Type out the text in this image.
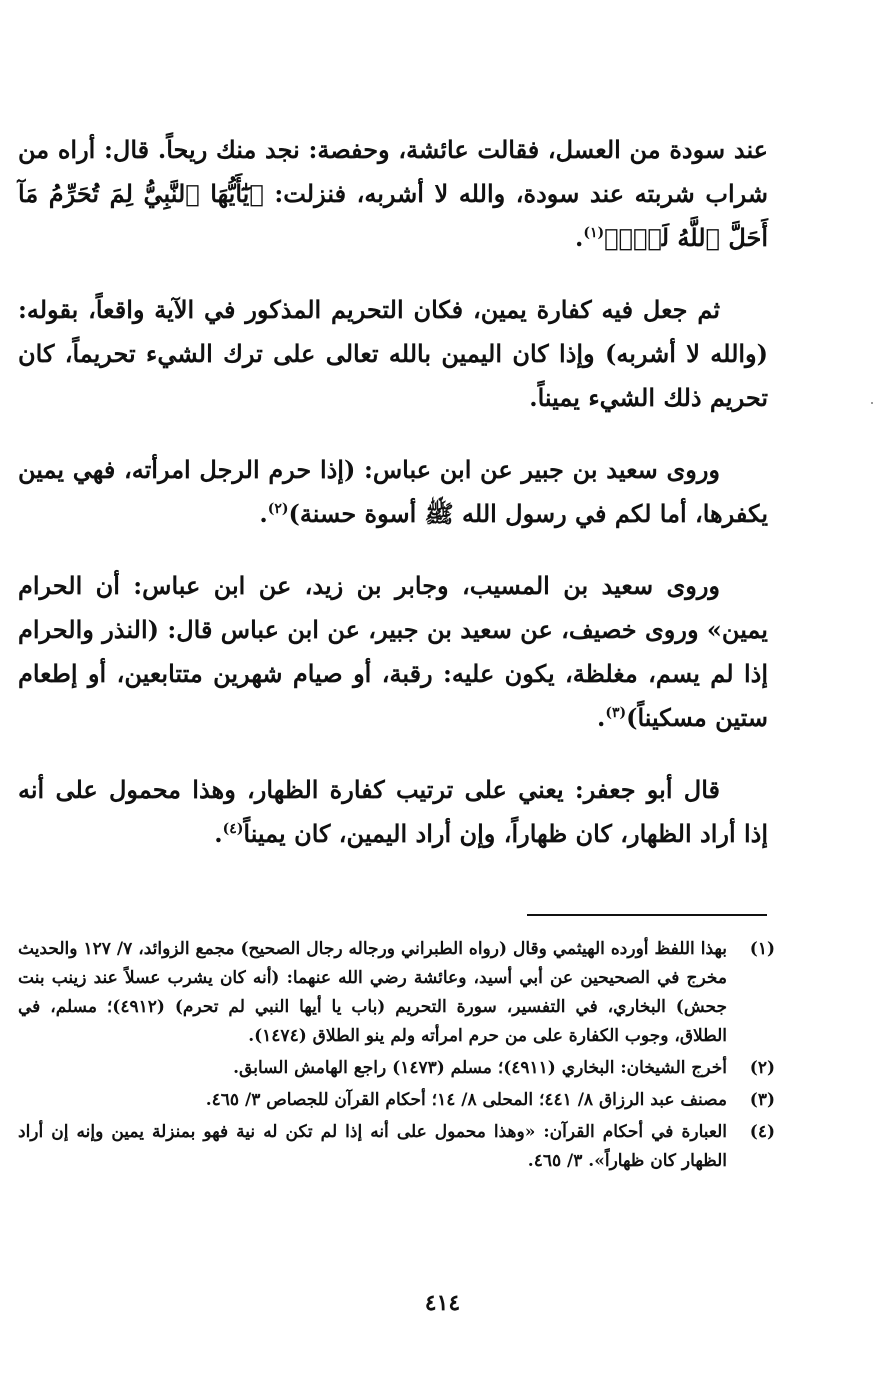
عند سودة من العسل، فقالت عائشة، وحفصة: نجد منك ريحاً. قال: أراه من شراب شربته عند سودة، والله لا أشربه، فنزلت: ﴿يَٰٓأَيُّهَا ٱلنَّبِيُّ لِمَ تُحَرِّمُ مَآ أَحَلَّ ٱللَّهُ لَكَۖ﴾$^{(١)}$.

ثم جعل فيه كفارة يمين، فكان التحريم المذكور في الآية واقعاً، بقوله: (والله لا أشربه) وإذا كان اليمين بالله تعالى على ترك الشيء تحريماً، كان تحريم ذلك الشيء يميناً.

وروى سعيد بن جبير عن ابن عباس: (إذا حرم الرجل امرأته، فهي يمين يكفرها، أما لكم في رسول الله ﷺ أسوة حسنة)$^{(٢)}$.

وروى سعيد بن المسيب، وجابر بن زيد، عن ابن عباس: أن الحرام يمين» وروى خصيف، عن سعيد بن جبير، عن ابن عباس قال: (النذر والحرام إذا لم يسم، مغلظة، يكون عليه: رقبة، أو صيام شهرين متتابعين، أو إطعام ستين مسكيناً)$^{(٣)}$.

قال أبو جعفر: يعني على ترتيب كفارة الظهار، وهذا محمول على أنه إذا أراد الظهار، كان ظهاراً، وإن أراد اليمين، كان يميناً$^{(٤)}$.

(١)
بهذا اللفظ أورده الهيثمي وقال (رواه الطبراني ورجاله رجال الصحيح) مجمع الزوائد، ٧/ ١٢٧ والحديث مخرج في الصحيحين عن أبي أسيد، وعائشة رضي الله عنهما: (أنه كان يشرب عسلاً عند زينب بنت جحش) البخاري، في التفسير، سورة التحريم (باب يا أيها النبي لم تحرم) (٤٩١٢)؛ مسلم، في الطلاق، وجوب الكفارة على من حرم امرأته ولم ينو الطلاق (١٤٧٤).
(٢)
أخرج الشيخان: البخاري (٤٩١١)؛ مسلم (١٤٧٣) راجع الهامش السابق.
(٣)
مصنف عبد الرزاق ٨/ ٤٤١؛ المحلى ٨/ ١٤؛ أحكام القرآن للجصاص ٣/ ٤٦٥.
(٤)
العبارة في أحكام القرآن: «وهذا محمول على أنه إذا لم تكن له نية فهو بمنزلة يمين وإنه إن أراد الظهار كان ظهاراً». ٣/ ٤٦٥.
٤١٤
